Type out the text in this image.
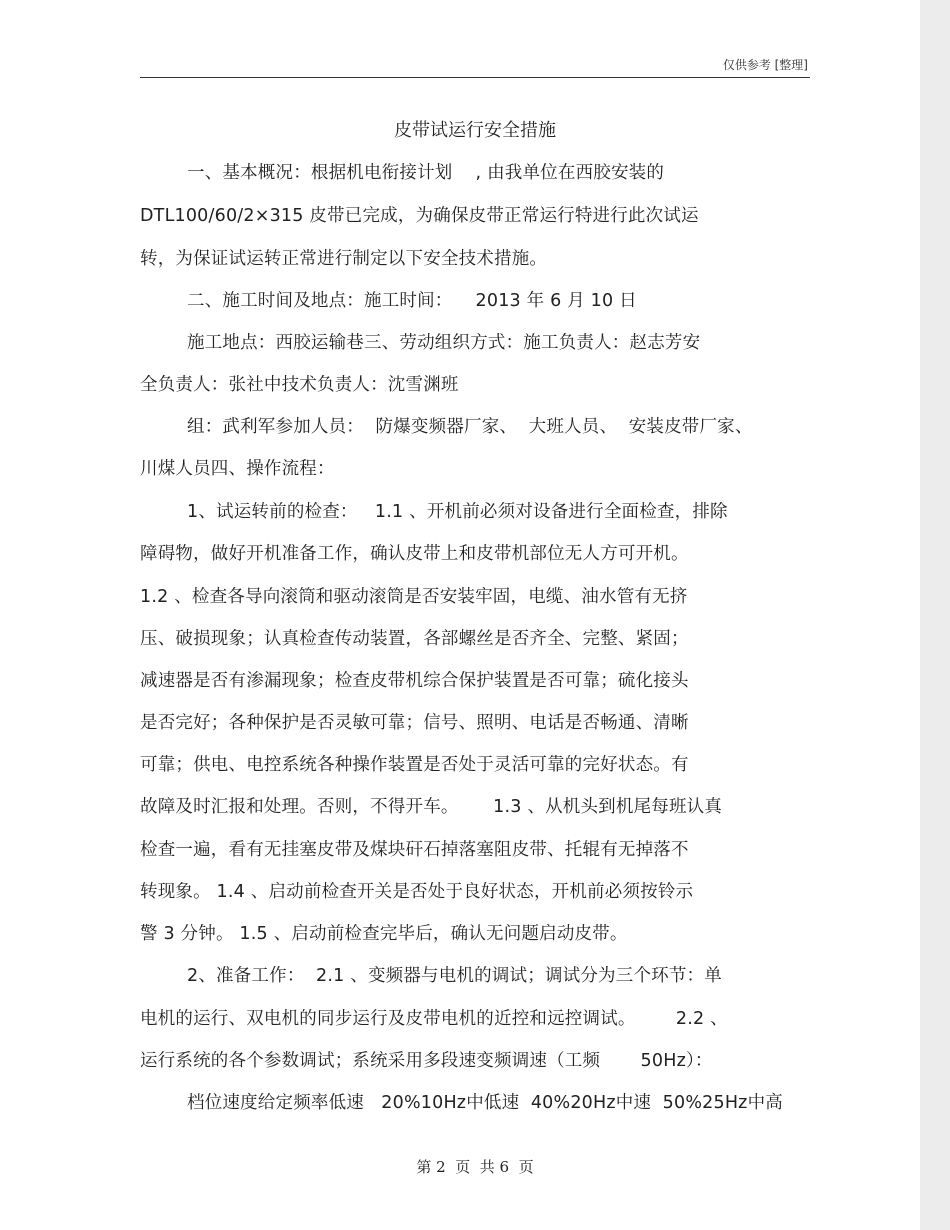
仅供参考 [整理]
皮带试运行安全措施
一、基本概况：根据机电衔接计划    , 由我单位在西胶安装的
DTL100/60/2×315 皮带已完成，为确保皮带正常运行特进行此次试运
转，为保证试运转正常进行制定以下安全技术措施。
二、施工时间及地点：施工时间：    2013 年 6 月 10 日
施工地点：西胶运输巷三、劳动组织方式：施工负责人：赵志芳安
全负责人：张社中技术负责人：沈雪渊班
组：武利军参加人员：  防爆变频器厂家、  大班人员、  安装皮带厂家、
川煤人员四、操作流程：
1、试运转前的检查：   1.1 、开机前必须对设备进行全面检查，排除
障碍物，做好开机准备工作，确认皮带上和皮带机部位无人方可开机。
1.2 、检查各导向滚筒和驱动滚筒是否安装牢固，电缆、油水管有无挤
压、破损现象；认真检查传动装置，各部螺丝是否齐全、完整、紧固；
减速器是否有渗漏现象；检查皮带机综合保护装置是否可靠；硫化接头
是否完好；各种保护是否灵敏可靠；信号、照明、电话是否畅通、清晰
可靠；供电、电控系统各种操作装置是否处于灵活可靠的完好状态。有
故障及时汇报和处理。否则，不得开车。      1.3 、从机头到机尾每班认真
检查一遍，看有无挂塞皮带及煤块矸石掉落塞阻皮带、托辊有无掉落不
转现象。 1.4 、启动前检查开关是否处于良好状态，开机前必须按铃示
警 3 分钟。 1.5 、启动前检查完毕后，确认无问题启动皮带。
2、准备工作：  2.1 、变频器与电机的调试；调试分为三个环节：单
电机的运行、双电机的同步运行及皮带电机的近控和远控调试。       2.2 、
运行系统的各个参数调试；系统采用多段速变频调速（工频       50Hz）：
档位速度给定频率低速   20%10Hz中低速  40%20Hz中速  50%25Hz中高
第 2  页  共 6  页
